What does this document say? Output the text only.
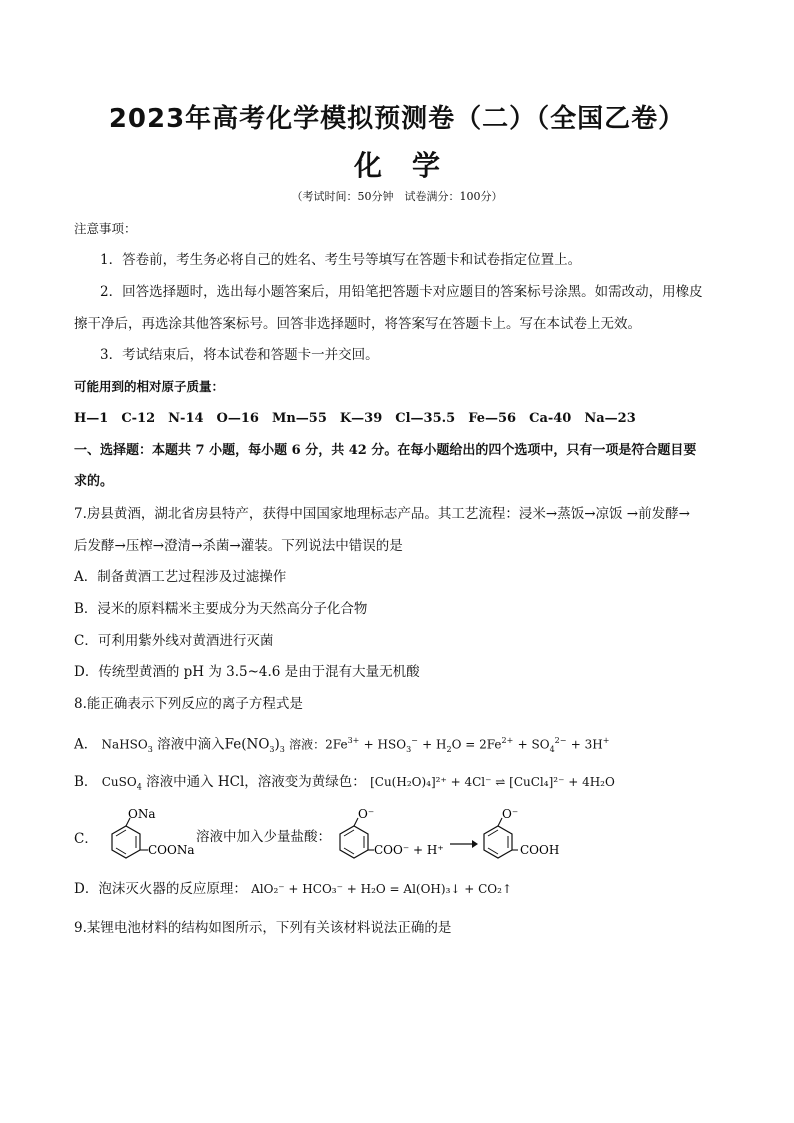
2023年高考化学模拟预测卷（二）（全国乙卷）
化学
（考试时间：50分钟　试卷满分：100分）
注意事项：
1．答卷前，考生务必将自己的姓名、考生号等填写在答题卡和试卷指定位置上。
2．回答选择题时，选出每小题答案后，用铅笔把答题卡对应题目的答案标号涂黑。如需改动，用橡皮
擦干净后，再选涂其他答案标号。回答非选择题时，将答案写在答题卡上。写在本试卷上无效。
3．考试结束后，将本试卷和答题卡一并交回。
可能用到的相对原子质量：
H—1　C-12　N-14　O—16　Mn—55　K—39　Cl—35.5　Fe—56　Ca-40　Na—23
一、选择题：本题共 7 小题，每小题 6 分，共 42 分。在每小题给出的四个选项中，只有一项是符合题目要
求的。
7.房县黄酒，湖北省房县特产，获得中国国家地理标志产品。其工艺流程：浸米→蒸饭→凉饭 →前发酵→
后发酵→压榨→澄清→杀菌→灌装。下列说法中错误的是
A．制备黄酒工艺过程涉及过滤操作
B．浸米的原料糯米主要成分为天然高分子化合物
C．可利用紫外线对黄酒进行灭菌
D．传统型黄酒的 pH 为 3.5~4.6 是由于混有大量无机酸
8.能正确表示下列反应的离子方程式是
A． NaHSO$_3$ 溶液中滴入$Fe(NO_3)_3$ 溶液：$2Fe^{3+} + HSO_3^- + H_2O = 2Fe^{2+} + SO_4^{2-} + 3H^+$
B． CuSO$_4$ 溶液中通入 HCl，溶液变为黄绿色： [Cu(H₂O)₄]²⁺ + 4Cl⁻ ⇌ [CuCl₄]²⁻ + 4H₂O
C．
ONa
COONa
溶液中加入少量盐酸：
O⁻
COO⁻ + H⁺ →
O⁻
COOH
D．泡沫灭火器的反应原理： AlO₂⁻ + HCO₃⁻ + H₂O = Al(OH)₃↓ + CO₂↑
9.某锂电池材料的结构如图所示，下列有关该材料说法正确的是
